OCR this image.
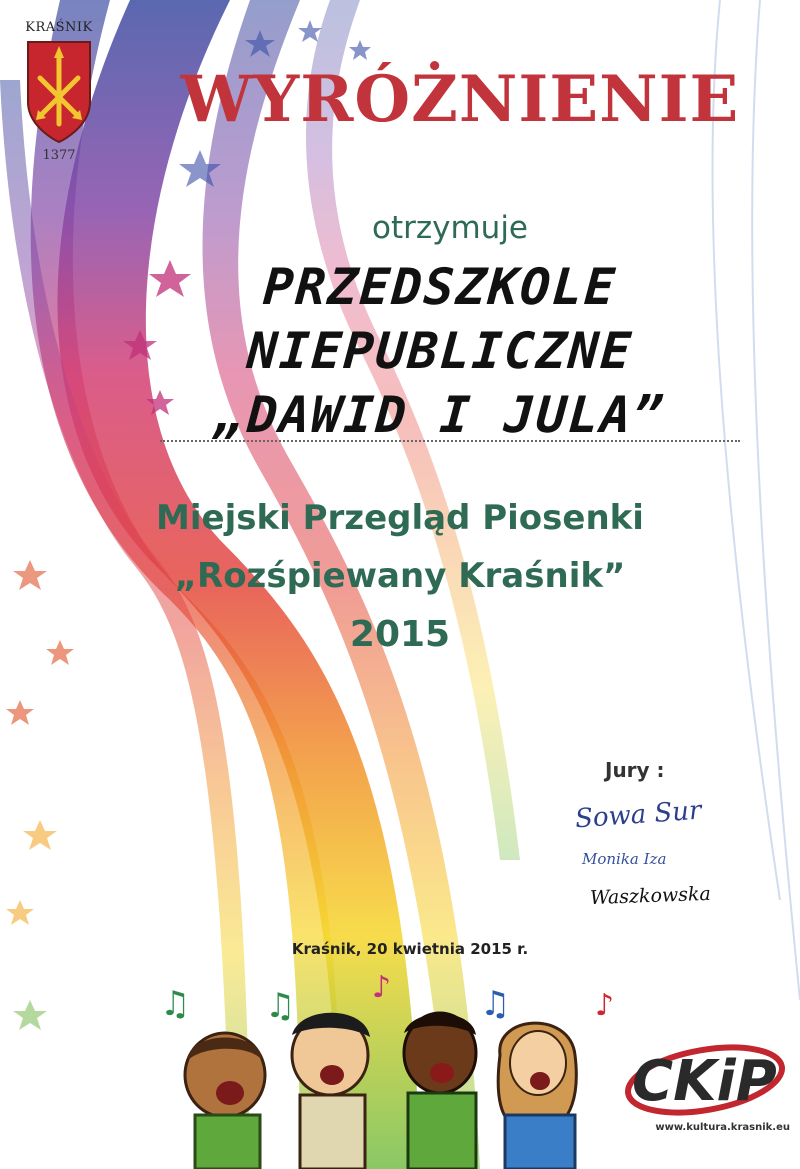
KRAŚNIK
1377
WYRÓŻNIENIE
otrzymuje
PRZEDSZKOLE
NIEPUBLICZNE
„DAWID I JULA”
Miejski Przegląd Piosenki
„Rozśpiewany Kraśnik”
2015
Jury :
Sowa Sur
Monika Iza
Waszkowska
Kraśnik, 20 kwietnia 2015 r.
♫ ♫	♪	♫	♪
CKiP
www.kultura.krasnik.eu
